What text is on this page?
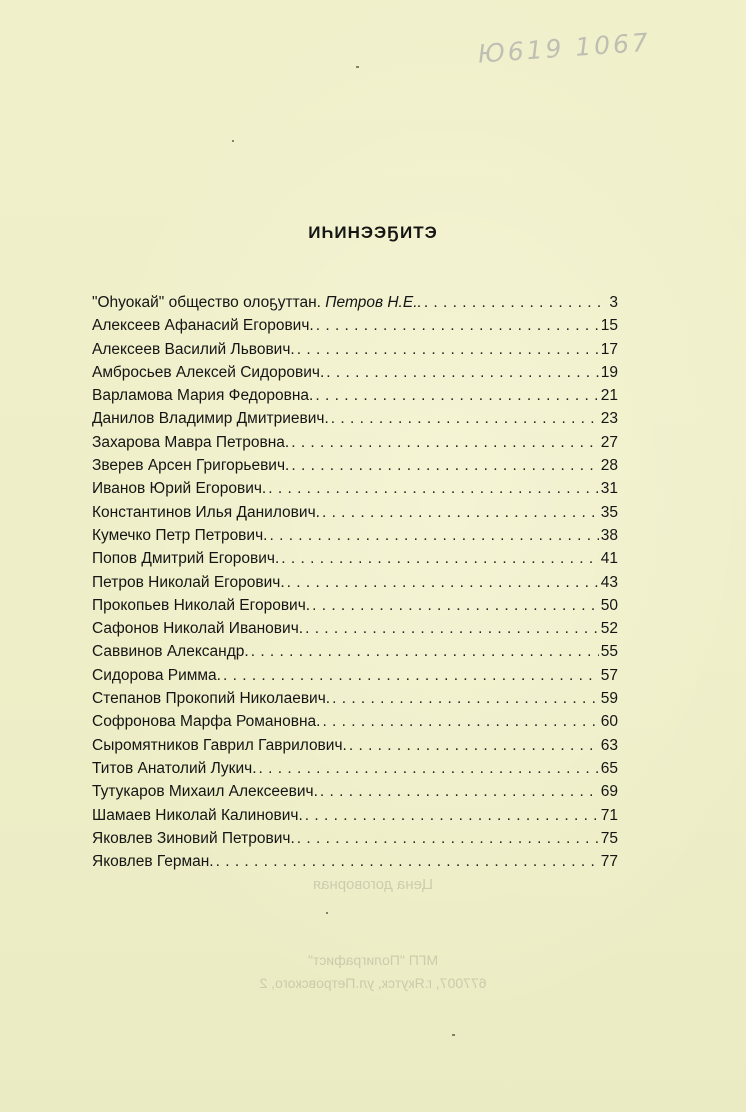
Ю619 1067
ИҺИНЭЭҔИТЭ
"Оһуокай" общество олоҕуттан. Петров Н.Е.. . . .	3
Алексеев Афанасий Егорович. . . .	15
Алексеев Василий Львович. . . .	17
Амбросьев Алексей Сидорович. . . .	19
Варламова Мария Федоровна. . . .	21
Данилов Владимир Дмитриевич. . . .	23
Захарова Мавра Петровна. . . .	27
Зверев Арсен Григорьевич. . . .	28
Иванов Юрий Егорович. . . .	31
Константинов Илья Данилович. . . .	35
Кумечко Петр Петрович. . . .	38
Попов Дмитрий Егорович. . . .	41
Петров Николай Егорович. . . .	43
Прокопьев Николай Егорович. . . .	50
Сафонов Николай Иванович. . . .	52
Саввинов Александр. . . .	55
Сидорова Римма. . . .	57
Степанов Прокопий Николаевич. . . .	59
Софронова Марфа Романовна. . . .	60
Сыромятников Гаврил Гаврилович. . . .	63
Титов Анатолий Лукич. . . .	65
Тутукаров Михаил Алексеевич. . . .	69
Шамаев Николай Калинович. . . .	71
Яковлев Зиновий Петрович. . . .	75
Яковлев Герман. . . .	77
Цена договорная
МГП "Полиграфист"
677007, г.Якутск, ул.Петровского, 2
